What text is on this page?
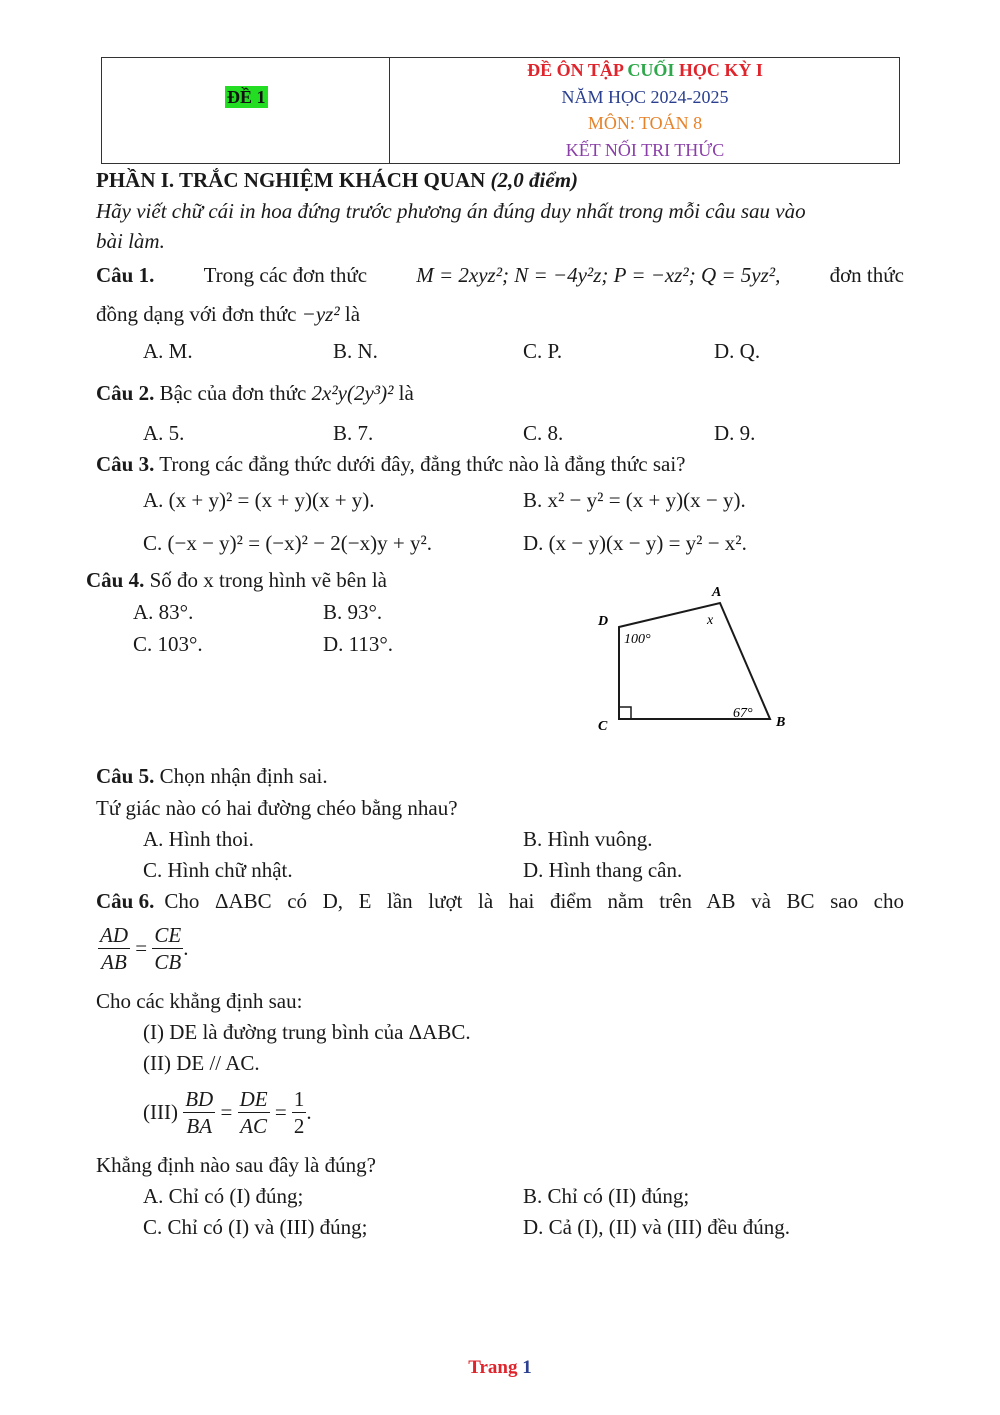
ĐỀ 1
ĐỀ ÔN TẬP CUỐI HỌC KỲ I
NĂM HỌC 2024-2025
MÔN: TOÁN 8
KẾT NỐI TRI THỨC
PHẦN I. TRẮC NGHIỆM KHÁCH QUAN (2,0 điểm)
Hãy viết chữ cái in hoa đứng trước phương án đúng duy nhất trong mỗi câu sau vào
bài làm.
Câu 1. Trong các đơn thức M = 2xyz²; N = −4y²z; P = −xz²; Q = 5yz², đơn thức
đồng dạng với đơn thức −yz² là
A. M.	B. N.	C. P.	D. Q.
Câu 2. Bậc của đơn thức 2x²y(2y³)² là
A. 5.	B. 7.	C. 8.	D. 9.
Câu 3. Trong các đẳng thức dưới đây, đẳng thức nào là đẳng thức sai?
A. (x + y)² = (x + y)(x + y).	B. x² − y² = (x + y)(x − y).
C. (−x − y)² = (−x)² − 2(−x)y + y².	D. (x − y)(x − y) = y² − x².
Câu 4. Số đo x trong hình vẽ bên là
A. 83°.	B. 93°.
C. 103°.	D. 113°.
A
B
C
D	x
100°
67°
Câu 5. Chọn nhận định sai.
Tứ giác nào có hai đường chéo bằng nhau?
A. Hình thoi.	B. Hình vuông.
C. Hình chữ nhật.	D. Hình thang cân.
Câu 6. Cho ΔABC có D, E lần lượt là hai điểm nằm trên AB và BC sao cho
$\frac{AD}{AB} = \frac{CE}{CB}$ .
Cho các khẳng định sau:
(I) DE là đường trung bình của ΔABC.
(II) DE // AC.
$(III) \frac{BD}{BA} = \frac{DE}{AC} = \frac{1}{2}$ .
Khẳng định nào sau đây là đúng?
A. Chỉ có (I) đúng;	B. Chỉ có (II) đúng;
C. Chỉ có (I) và (III) đúng;	D. Cả (I), (II) và (III) đều đúng.
Trang 1
